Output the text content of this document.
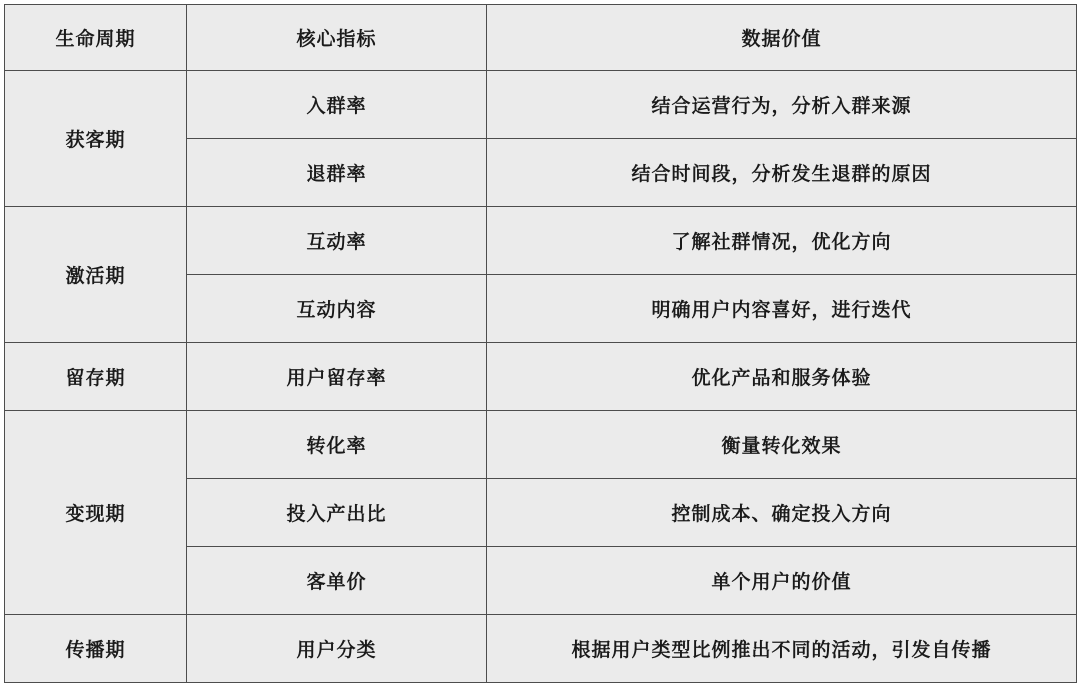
生命周期	核心指标	数据价值
获客期	入群率	结合运营行为，分析入群来源
	退群率	结合时间段，分析发生退群的原因
激活期	互动率	了解社群情况，优化方向
	互动内容	明确用户内容喜好，进行迭代
留存期	用户留存率	优化产品和服务体验
变现期	转化率	衡量转化效果
	投入产出比	控制成本、确定投入方向
	客单价	单个用户的价值
传播期	用户分类	根据用户类型比例推出不同的活动，引发自传播
